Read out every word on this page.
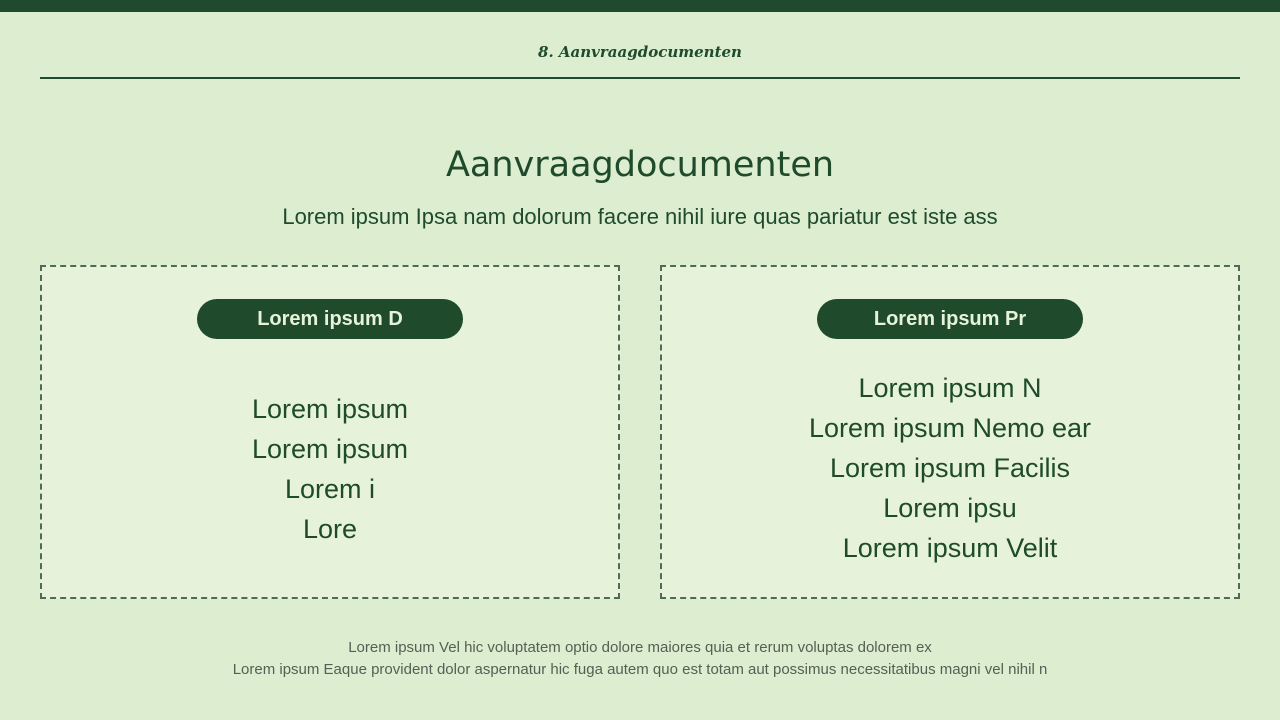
8. Aanvraagdocumenten
Aanvraagdocumenten
Lorem ipsum Ipsa nam dolorum facere nihil iure quas pariatur est iste ass
Lorem ipsum D
Lorem ipsum
Lorem ipsum
Lorem i
Lore
Lorem ipsum Pr
Lorem ipsum N
Lorem ipsum Nemo ear
Lorem ipsum Facilis
Lorem ipsu
Lorem ipsum Velit
Lorem ipsum Vel hic voluptatem optio dolore maiores quia et rerum voluptas dolorem ex
Lorem ipsum Eaque provident dolor aspernatur hic fuga autem quo est totam aut possimus necessitatibus magni vel nihil n
